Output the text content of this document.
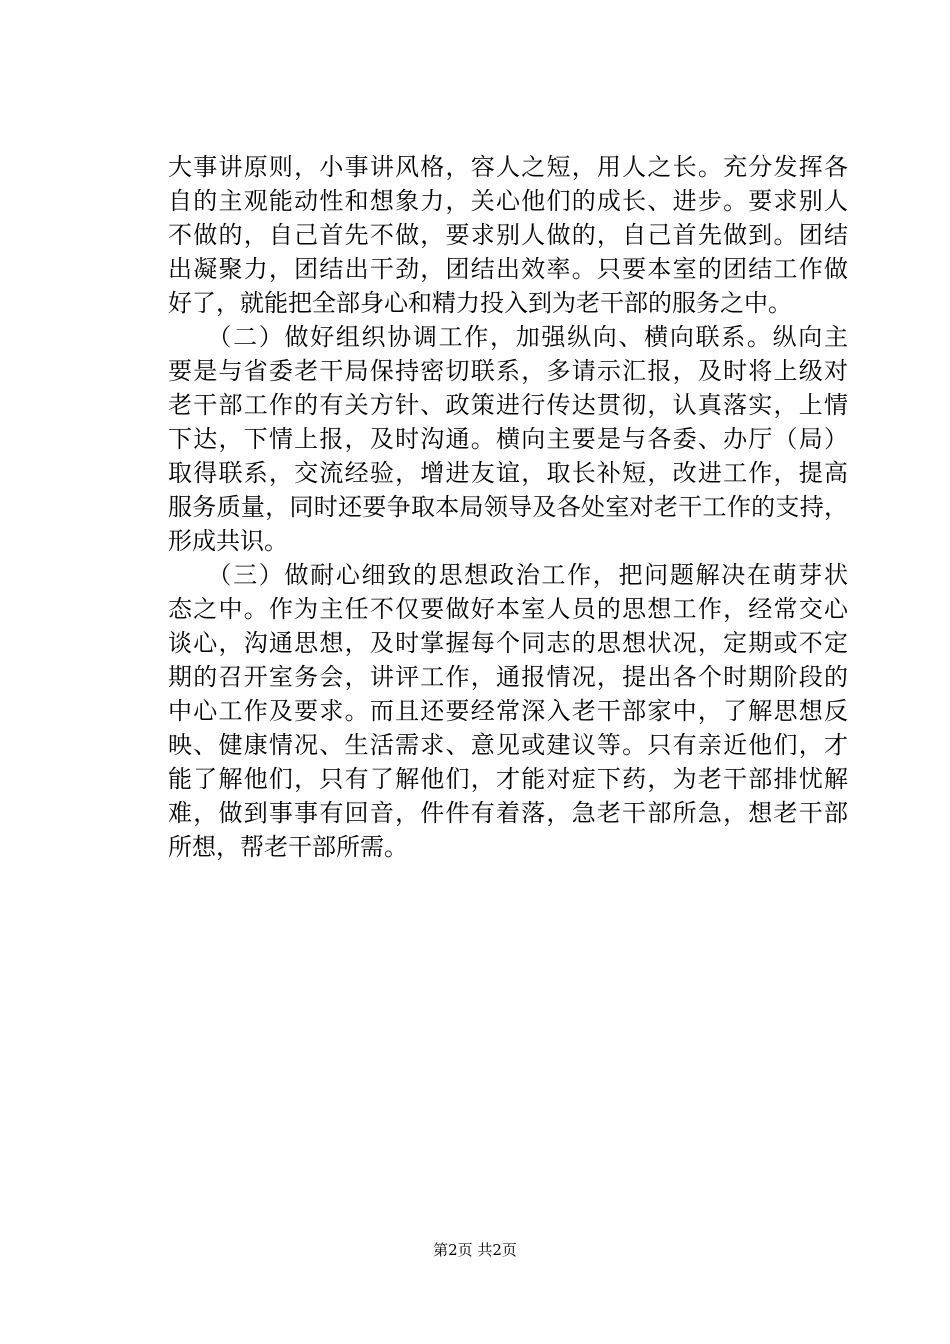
大事讲原则，小事讲风格，容人之短，用人之长。充分发挥各
自的主观能动性和想象力，关心他们的成长、进步。要求别人
不做的，自己首先不做，要求别人做的，自己首先做到。团结
出凝聚力，团结出干劲，团结出效率。只要本室的团结工作做
好了，就能把全部身心和精力投入到为老干部的服务之中。
　　（二）做好组织协调工作，加强纵向、横向联系。纵向主
要是与省委老干局保持密切联系，多请示汇报，及时将上级对
老干部工作的有关方针、政策进行传达贯彻，认真落实，上情
下达，下情上报，及时沟通。横向主要是与各委、办厅（局）
取得联系，交流经验，增进友谊，取长补短，改进工作，提高
服务质量，同时还要争取本局领导及各处室对老干工作的支持，
形成共识。
　　（三）做耐心细致的思想政治工作，把问题解决在萌芽状
态之中。作为主任不仅要做好本室人员的思想工作，经常交心
谈心，沟通思想，及时掌握每个同志的思想状况，定期或不定
期的召开室务会，讲评工作，通报情况，提出各个时期阶段的
中心工作及要求。而且还要经常深入老干部家中，了解思想反
映、健康情况、生活需求、意见或建议等。只有亲近他们，才
能了解他们，只有了解他们，才能对症下药，为老干部排忧解
难，做到事事有回音，件件有着落，急老干部所急，想老干部
所想，帮老干部所需。
第2页 共2页
